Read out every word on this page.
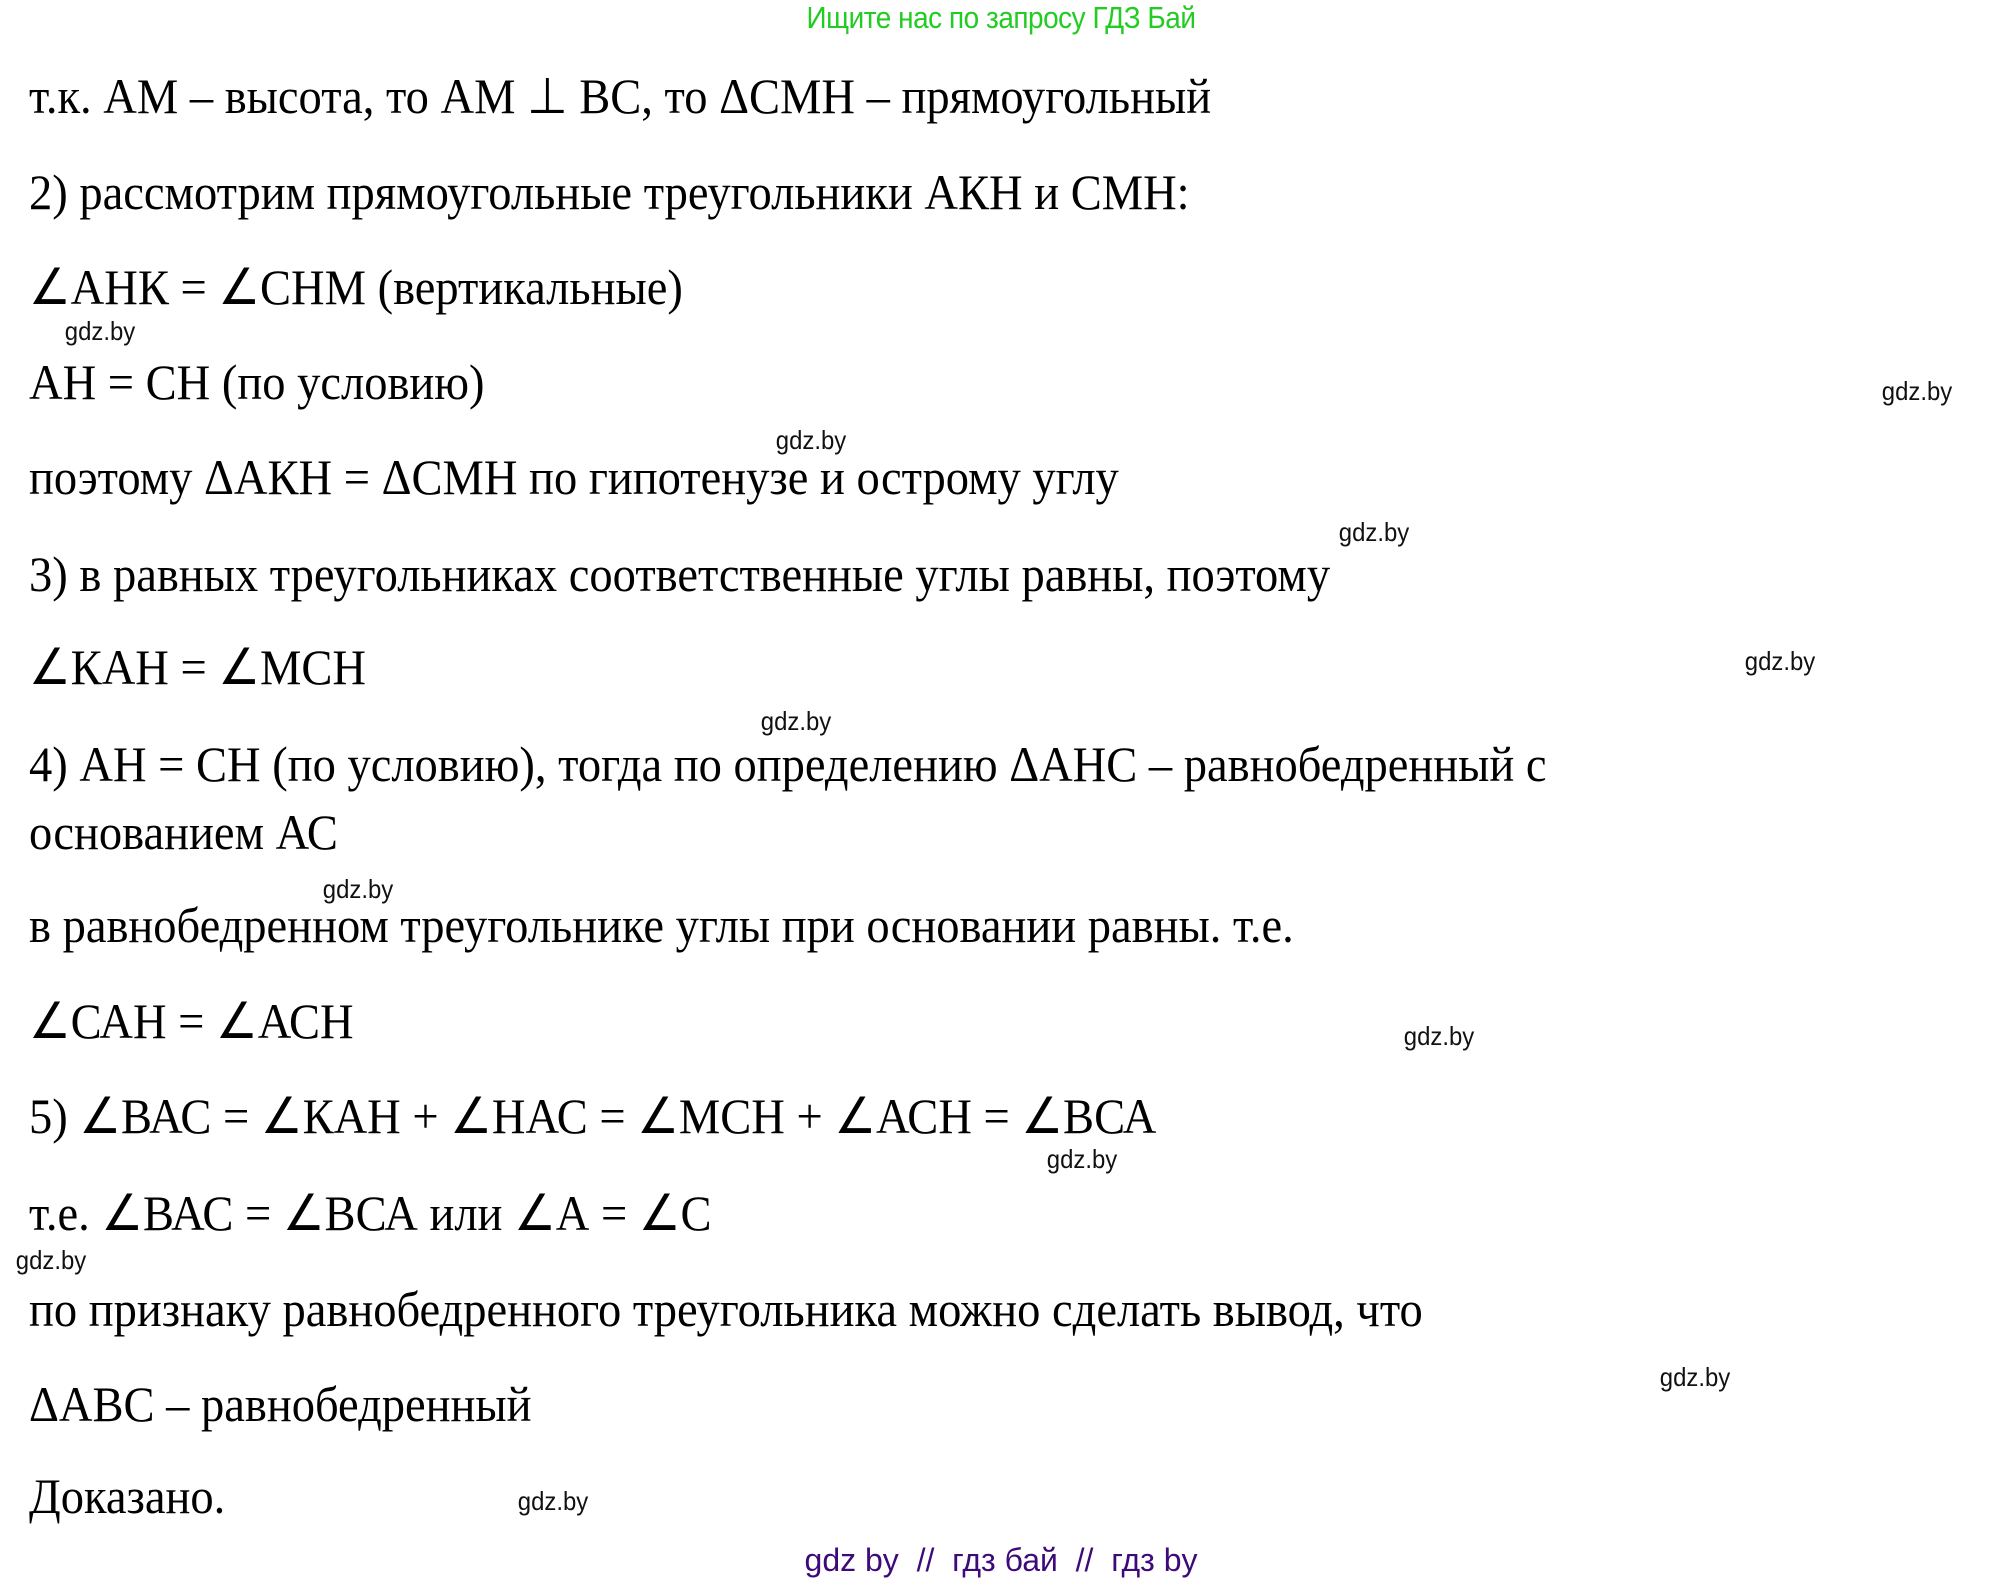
Ищите нас по запросу ГДЗ Бай
т.к. АМ – высота, то АМ ⊥ ВС, то ΔСМН – прямоугольный
2) рассмотрим прямоугольные треугольники АКН и СМН:
∠АНК = ∠СНМ (вертикальные)
АН = СН (по условию)
поэтому ΔАКН = ΔСМН по гипотенузе и острому углу
3) в равных треугольниках соответственные углы равны, поэтому
∠КАН = ∠МСН
4) АН = СН (по условию), тогда по определению ΔАНС – равнобедренный с
основанием АС
в равнобедренном треугольнике углы при основании равны. т.е.
∠САН = ∠АСН
5) ∠ВАС = ∠КАН + ∠НАС = ∠МСН + ∠АСН = ∠ВСА
т.е. ∠ВАС = ∠ВСА или ∠А = ∠С
по признаку равнобедренного треугольника можно сделать вывод, что
ΔАВС – равнобедренный
Доказано.
gdz.by
gdz.by
gdz.by
gdz.by
gdz.by
gdz.by
gdz.by
gdz.by
gdz.by
gdz.by
gdz.by
gdz.by
gdz by  //  гдз бай  //  гдз by
